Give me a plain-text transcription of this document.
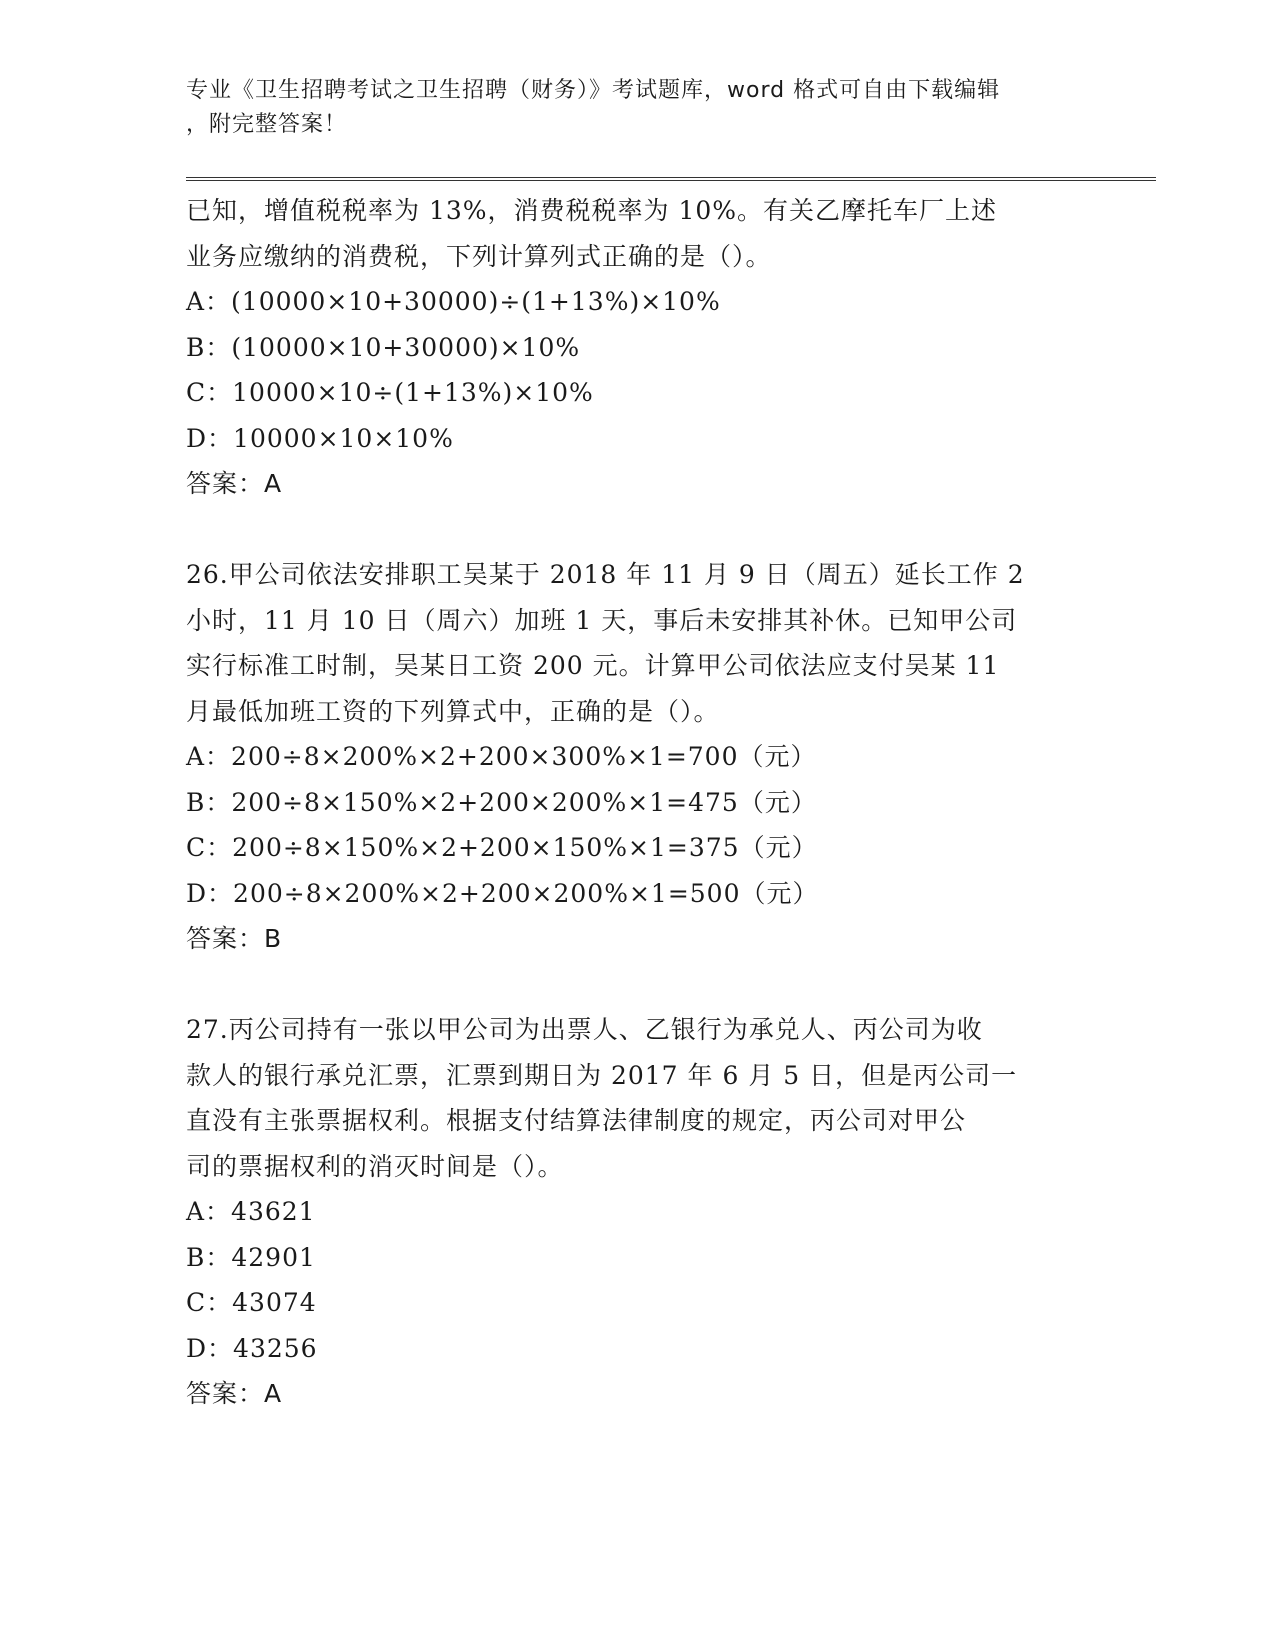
专业《卫生招聘考试之卫生招聘（财务）》考试题库，word 格式可自由下载编辑
，附完整答案！
已知，增值税税率为 13%，消费税税率为 10%。有关乙摩托车厂上述
业务应缴纳的消费税，下列计算列式正确的是（）。
A：(10000×10+30000)÷(1+13%)×10%
B：(10000×10+30000)×10%
C：10000×10÷(1+13%)×10%
D：10000×10×10%
答案：A
26.甲公司依法安排职工吴某于 2018 年 11 月 9 日（周五）延长工作 2
小时，11 月 10 日（周六）加班 1 天，事后未安排其补休。已知甲公司
实行标准工时制，吴某日工资 200 元。计算甲公司依法应支付吴某 11
月最低加班工资的下列算式中，正确的是（）。
A：200÷8×200%×2+200×300%×1=700（元）
B：200÷8×150%×2+200×200%×1=475（元）
C：200÷8×150%×2+200×150%×1=375（元）
D：200÷8×200%×2+200×200%×1=500（元）
答案：B
27.丙公司持有一张以甲公司为出票人、乙银行为承兑人、丙公司为收
款人的银行承兑汇票，汇票到期日为 2017 年 6 月 5 日，但是丙公司一
直没有主张票据权利。根据支付结算法律制度的规定，丙公司对甲公
司的票据权利的消灭时间是（）。
A：43621
B：42901
C：43074
D：43256
答案：A
